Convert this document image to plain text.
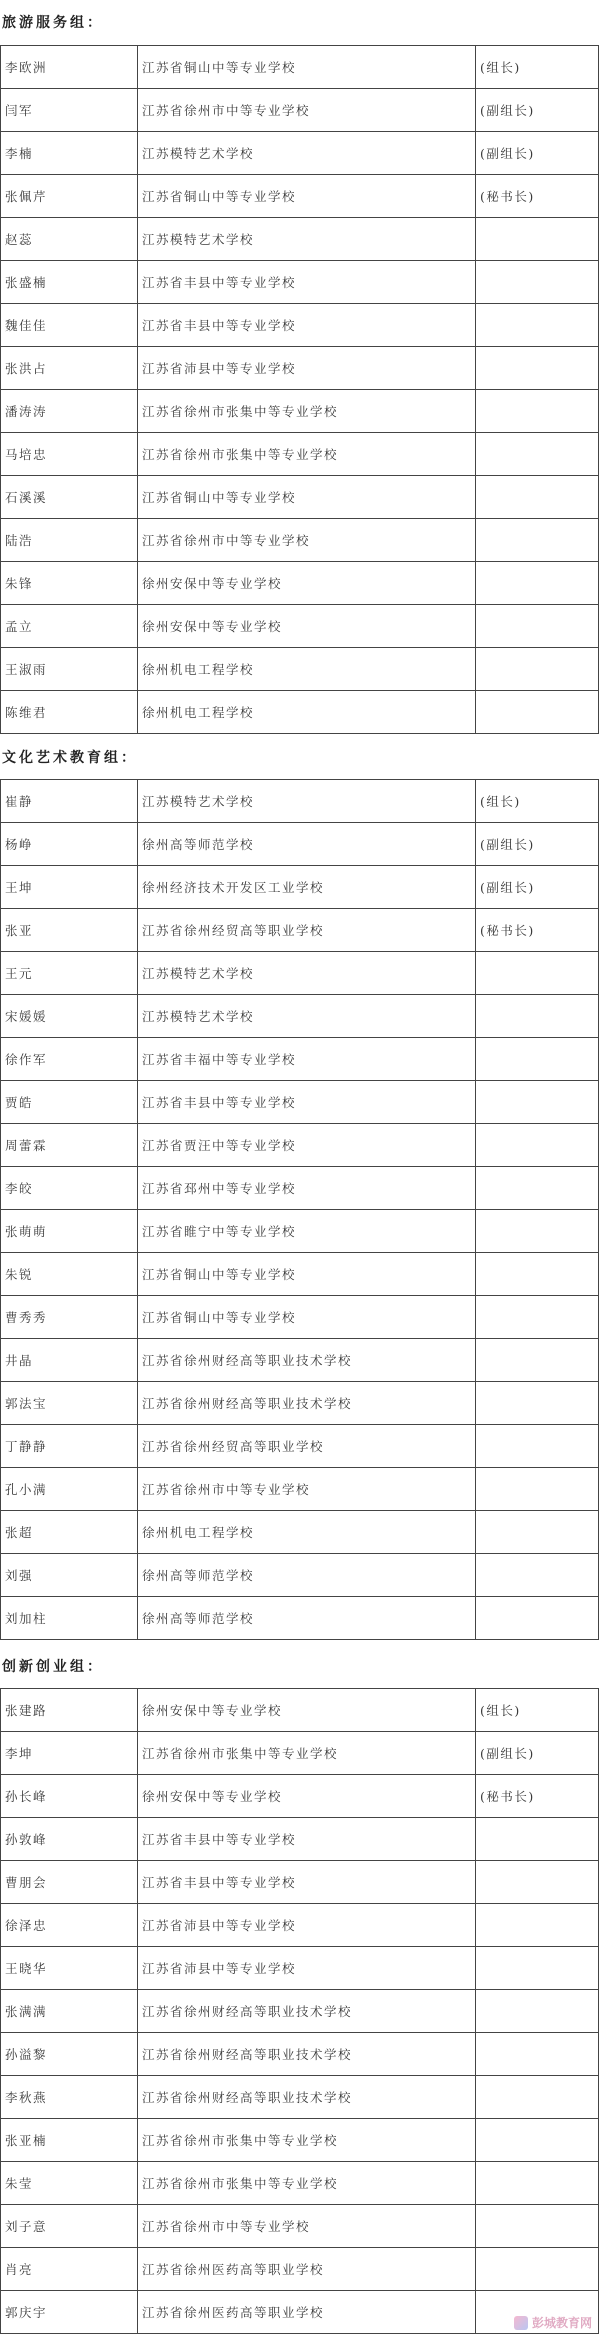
旅游服务组：
李欧洲	江苏省铜山中等专业学校	(组长)
闫军	江苏省徐州市中等专业学校	(副组长)
李楠	江苏模特艺术学校	(副组长)
张佩芹	江苏省铜山中等专业学校	(秘书长)
赵蕊	江苏模特艺术学校	
张盛楠	江苏省丰县中等专业学校	
魏佳佳	江苏省丰县中等专业学校	
张洪占	江苏省沛县中等专业学校	
潘涛涛	江苏省徐州市张集中等专业学校	
马培忠	江苏省徐州市张集中等专业学校	
石溪溪	江苏省铜山中等专业学校	
陆浩	江苏省徐州市中等专业学校	
朱锋	徐州安保中等专业学校	
孟立	徐州安保中等专业学校	
王淑雨	徐州机电工程学校	
陈维君	徐州机电工程学校	
文化艺术教育组：
崔静	江苏模特艺术学校	(组长)
杨峥	徐州高等师范学校	(副组长)
王坤	徐州经济技术开发区工业学校	(副组长)
张亚	江苏省徐州经贸高等职业学校	(秘书长)
王元	江苏模特艺术学校	
宋媛媛	江苏模特艺术学校	
徐作军	江苏省丰福中等专业学校	
贾皓	江苏省丰县中等专业学校	
周蕾霖	江苏省贾汪中等专业学校	
李皎	江苏省邳州中等专业学校	
张萌萌	江苏省睢宁中等专业学校	
朱锐	江苏省铜山中等专业学校	
曹秀秀	江苏省铜山中等专业学校	
井晶	江苏省徐州财经高等职业技术学校	
郭法宝	江苏省徐州财经高等职业技术学校	
丁静静	江苏省徐州经贸高等职业学校	
孔小满	江苏省徐州市中等专业学校	
张超	徐州机电工程学校	
刘强	徐州高等师范学校	
刘加柱	徐州高等师范学校	
创新创业组：
张建路	徐州安保中等专业学校	(组长)
李坤	江苏省徐州市张集中等专业学校	(副组长)
孙长峰	徐州安保中等专业学校	(秘书长)
孙敦峰	江苏省丰县中等专业学校	
曹朋会	江苏省丰县中等专业学校	
徐泽忠	江苏省沛县中等专业学校	
王晓华	江苏省沛县中等专业学校	
张满满	江苏省徐州财经高等职业技术学校	
孙溢黎	江苏省徐州财经高等职业技术学校	
李秋燕	江苏省徐州财经高等职业技术学校	
张亚楠	江苏省徐州市张集中等专业学校	
朱莹	江苏省徐州市张集中等专业学校	
刘子意	江苏省徐州市中等专业学校	
肖亮	江苏省徐州医药高等职业学校	
郭庆宇	江苏省徐州医药高等职业学校	
彭城教育网
